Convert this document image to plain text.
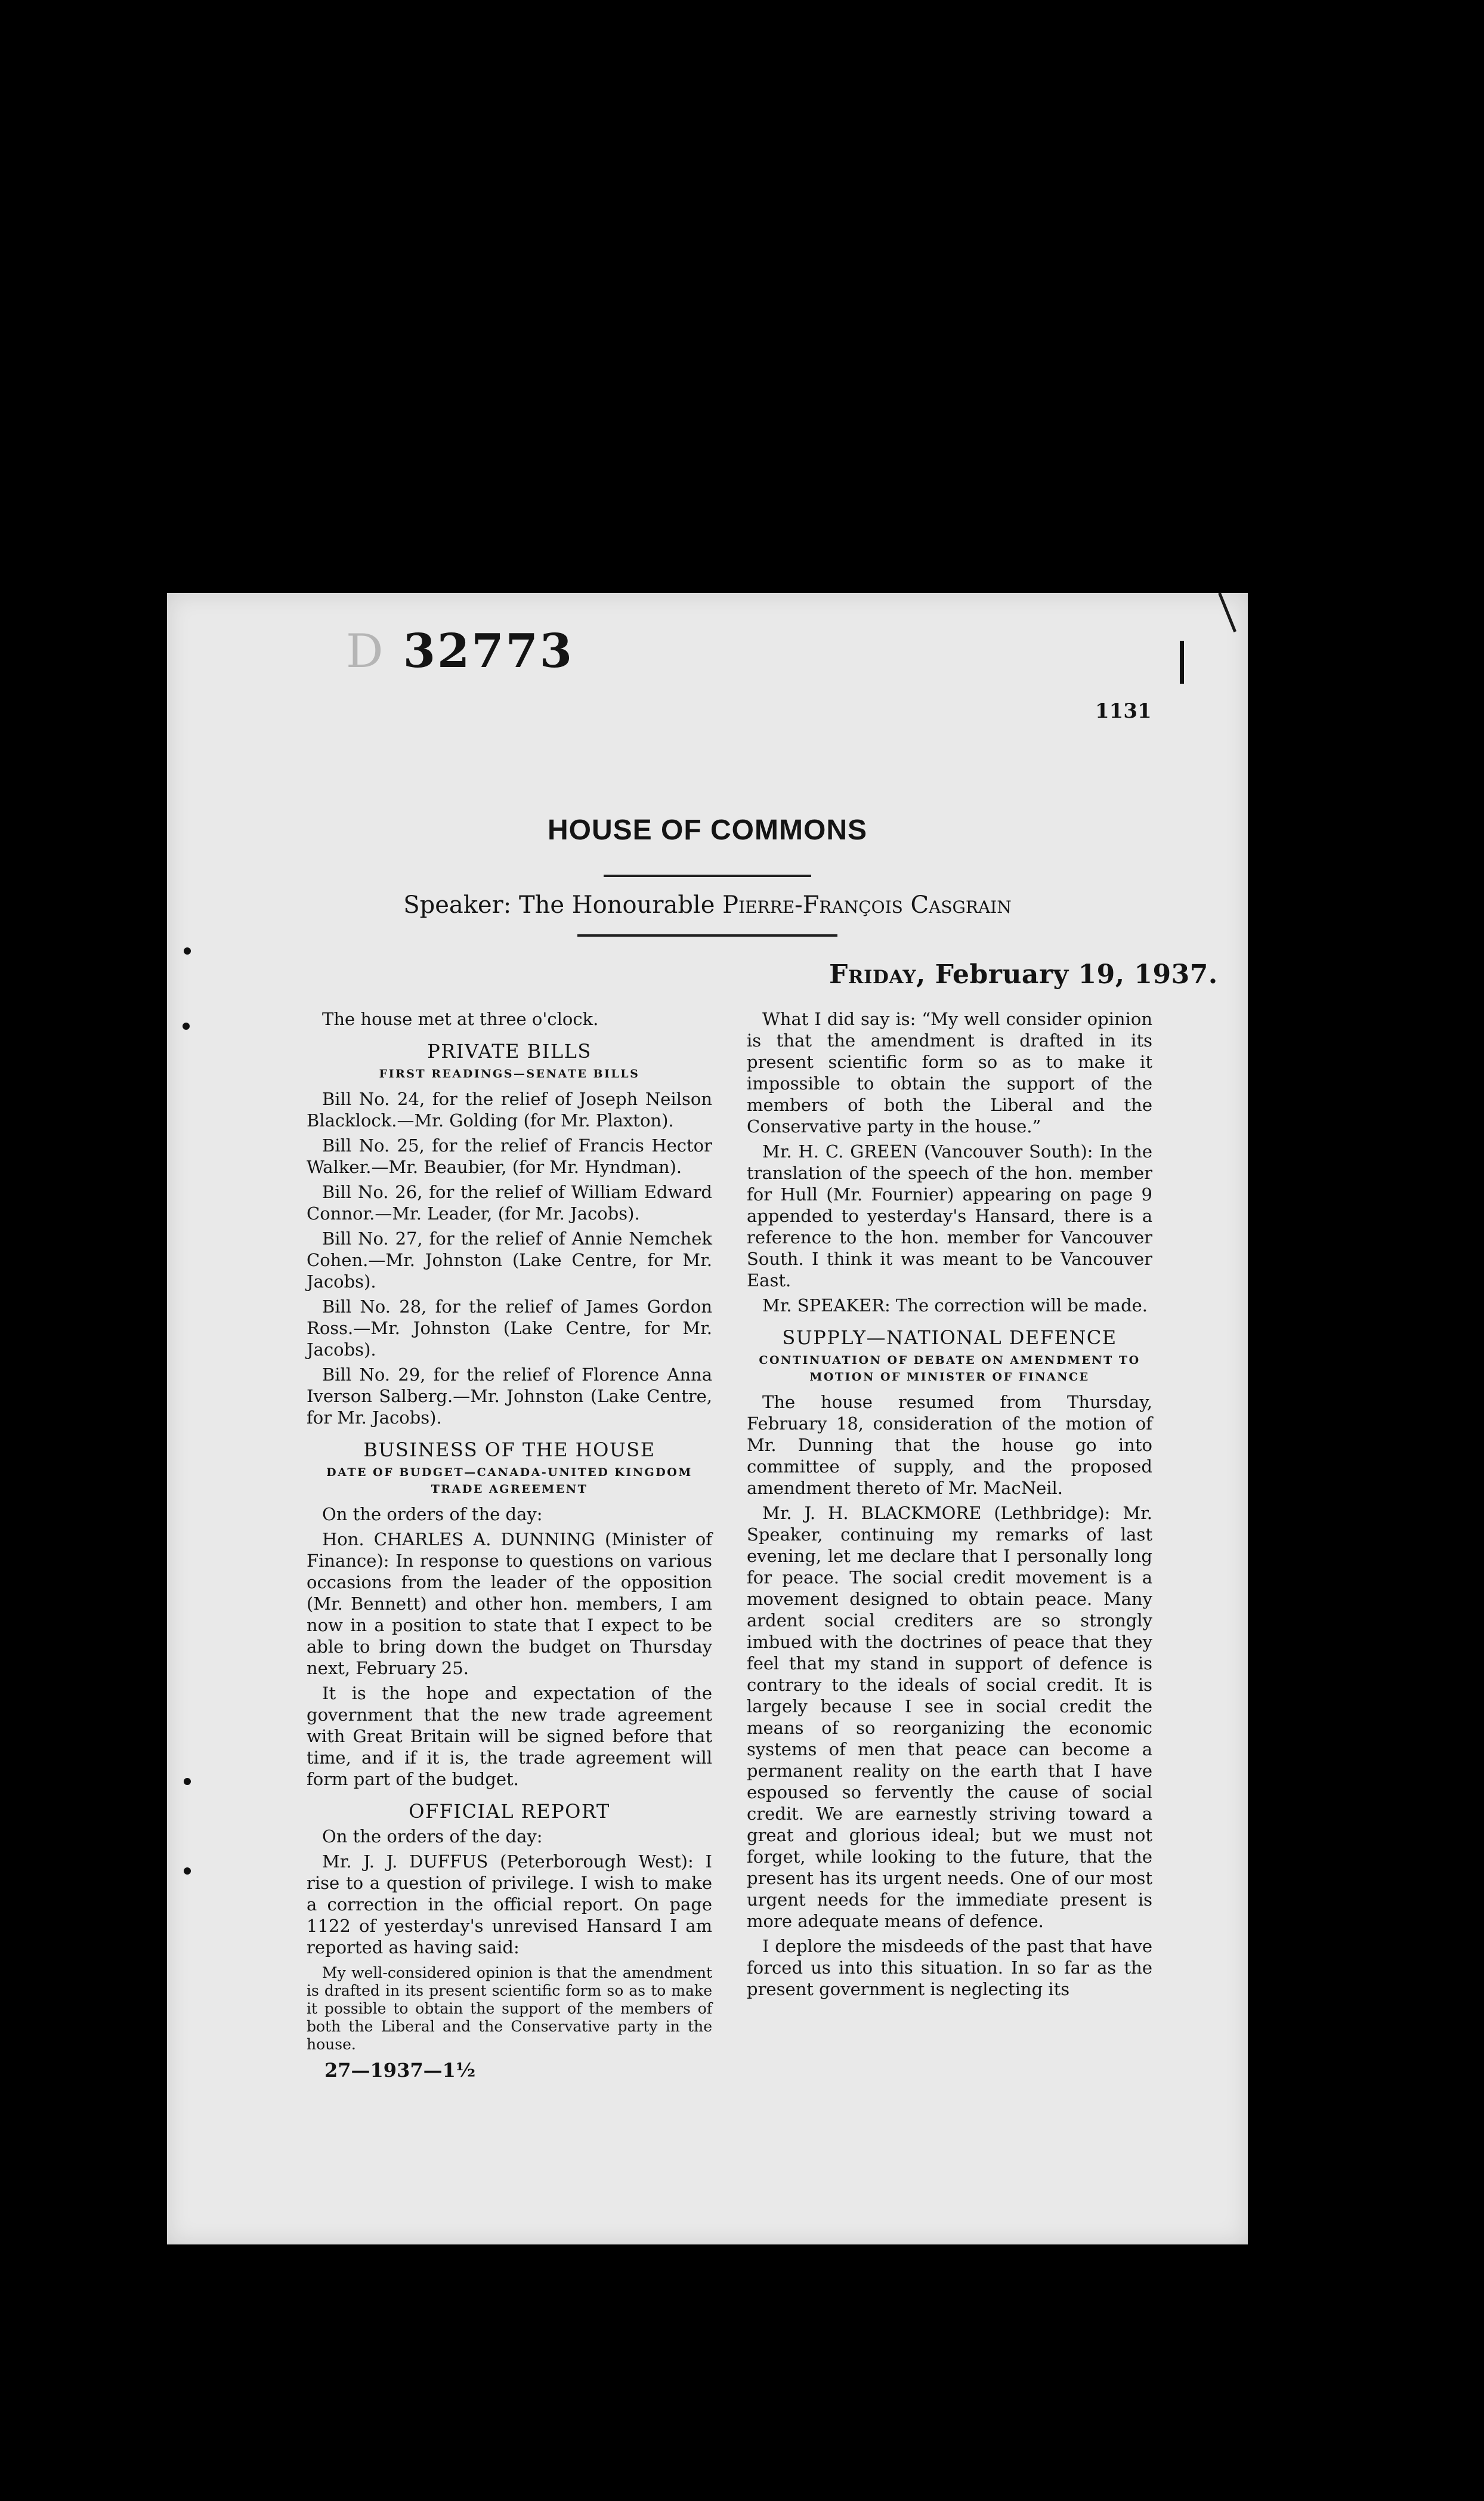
D 32773
1131
HOUSE OF COMMONS
Speaker: The Honourable Pierre-François Casgrain
Friday, February 19, 1937.

The house met at three o'clock.

PRIVATE BILLS
FIRST READINGS—SENATE BILLS

Bill No. 24, for the relief of Joseph Neilson Blacklock.—Mr. Golding (for Mr. Plaxton).

Bill No. 25, for the relief of Francis Hector Walker.—Mr. Beaubier, (for Mr. Hyndman).

Bill No. 26, for the relief of William Edward Connor.—Mr. Leader, (for Mr. Jacobs).

Bill No. 27, for the relief of Annie Nemchek Cohen.—Mr. Johnston (Lake Centre, for Mr. Jacobs).

Bill No. 28, for the relief of James Gordon Ross.—Mr. Johnston (Lake Centre, for Mr. Jacobs).

Bill No. 29, for the relief of Florence Anna Iverson Salberg.—Mr. Johnston (Lake Centre, for Mr. Jacobs).

BUSINESS OF THE HOUSE
DATE OF BUDGET—CANADA-UNITED KINGDOM TRADE AGREEMENT

On the orders of the day:

Hon. CHARLES A. DUNNING (Minister of Finance): In response to questions on various occasions from the leader of the opposition (Mr. Bennett) and other hon. members, I am now in a position to state that I expect to be able to bring down the budget on Thursday next, February 25.

It is the hope and expectation of the government that the new trade agreement with Great Britain will be signed before that time, and if it is, the trade agreement will form part of the budget.

OFFICIAL REPORT

On the orders of the day:

Mr. J. J. DUFFUS (Peterborough West): I rise to a question of privilege. I wish to make a correction in the official report. On page 1122 of yesterday's unrevised Hansard I am reported as having said:

My well-considered opinion is that the amendment is drafted in its present scientific form so as to make it possible to obtain the support of the members of both the Liberal and the Conservative party in the house.
27—1937—1½

What I did say is: “My well consider opinion is that the amendment is drafted in its present scientific form so as to make it impossible to obtain the support of the members of both the Liberal and the Conservative party in the house.”

Mr. H. C. GREEN (Vancouver South): In the translation of the speech of the hon. member for Hull (Mr. Fournier) appearing on page 9 appended to yesterday's Hansard, there is a reference to the hon. member for Vancouver South. I think it was meant to be Vancouver East.

Mr. SPEAKER: The correction will be made.

SUPPLY—NATIONAL DEFENCE
CONTINUATION OF DEBATE ON AMENDMENT TO MOTION OF MINISTER OF FINANCE

The house resumed from Thursday, February 18, consideration of the motion of Mr. Dunning that the house go into committee of supply, and the proposed amendment thereto of Mr. MacNeil.

Mr. J. H. BLACKMORE (Lethbridge): Mr. Speaker, continuing my remarks of last evening, let me declare that I personally long for peace. The social credit movement is a movement designed to obtain peace. Many ardent social crediters are so strongly imbued with the doctrines of peace that they feel that my stand in support of defence is contrary to the ideals of social credit. It is largely because I see in social credit the means of so reorganizing the economic systems of men that peace can become a permanent reality on the earth that I have espoused so fervently the cause of social credit. We are earnestly striving toward a great and glorious ideal; but we must not forget, while looking to the future, that the present has its urgent needs. One of our most urgent needs for the immediate present is more adequate means of defence.

I deplore the misdeeds of the past that have forced us into this situation. In so far as the present government is neglecting its
